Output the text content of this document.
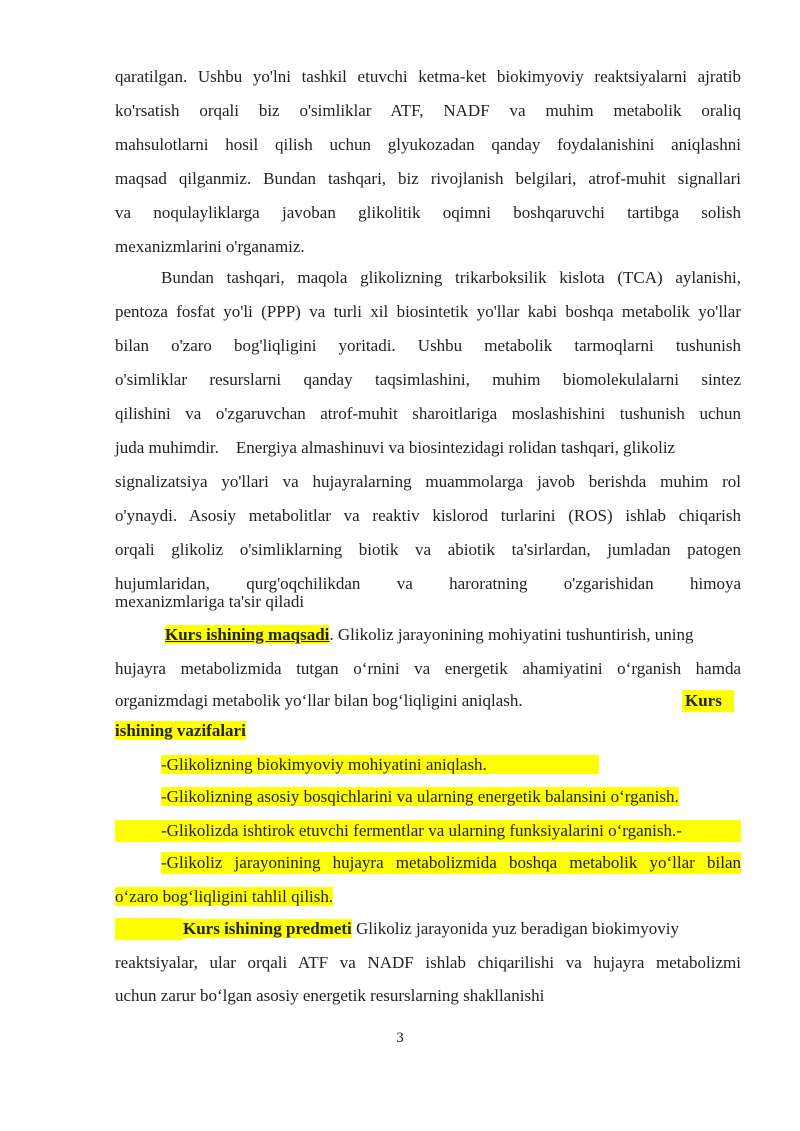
qaratilgan. Ushbu yo'lni tashkil etuvchi ketma-ket biokimyoviy reaktsiyalarni ajratib
ko'rsatish orqali biz o'simliklar ATF, NADF va muhim metabolik oraliq
mahsulotlarni hosil qilish uchun glyukozadan qanday foydalanishini aniqlashni
maqsad qilganmiz. Bundan tashqari, biz rivojlanish belgilari, atrof-muhit signallari
va noqulayliklarga javoban glikolitik oqimni boshqaruvchi tartibga solish
mexanizmlarini o'rganamiz.
Bundan tashqari, maqola glikolizning trikarboksilik kislota (TCA) aylanishi,
pentoza fosfat yo'li (PPP) va turli xil biosintetik yo'llar kabi boshqa metabolik yo'llar
bilan o'zaro bog'liqligini yoritadi. Ushbu metabolik tarmoqlarni tushunish
o'simliklar resurslarni qanday taqsimlashini, muhim biomolekulalarni sintez
qilishini va o'zgaruvchan atrof-muhit sharoitlariga moslashishini tushunish uchun
juda muhimdir.    Energiya almashinuvi va biosintezidagi rolidan tashqari, glikoliz
signalizatsiya yo'llari va hujayralarning muammolarga javob berishda muhim rol
o'ynaydi. Asosiy metabolitlar va reaktiv kislorod turlarini (ROS) ishlab chiqarish
orqali glikoliz o'simliklarning biotik va abiotik ta'sirlardan, jumladan patogen
hujumlaridan, qurg'oqchilikdan va haroratning o'zgarishidan himoya
mexanizmlariga ta'sir qiladi
Kurs ishining maqsadi. Glikoliz jarayonining mohiyatini tushuntirish, uning
hujayra metabolizmida tutgan o‘rnini va energetik ahamiyatini o‘rganish hamda
organizmdagi metabolik yo‘llar bilan bog‘liqligini aniqlash.	Kurs
ishining vazifalari
-Glikolizning biokimyoviy mohiyatini aniqlash.
-Glikolizning asosiy bosqichlarini va ularning energetik balansini o‘rganish.
-Glikolizda ishtirok etuvchi fermentlar va ularning funksiyalarini o‘rganish.-
-Glikoliz jarayonining hujayra metabolizmida boshqa metabolik yo‘llar bilan
o‘zaro bog‘liqligini tahlil qilish.
Kurs ishining predmeti Glikoliz jarayonida yuz beradigan biokimyoviy
reaktsiyalar, ular orqali ATF va NADF ishlab chiqarilishi va hujayra metabolizmi
uchun zarur bo‘lgan asosiy energetik resurslarning shakllanishi
3
